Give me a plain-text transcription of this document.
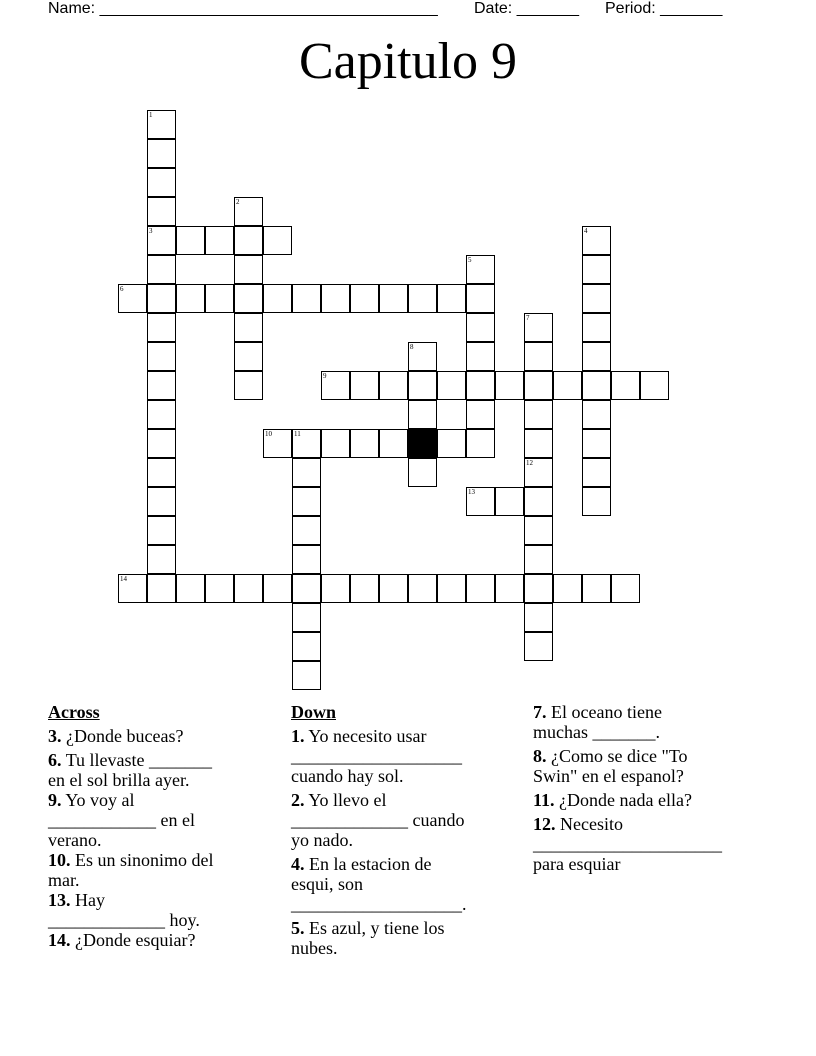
Name: ______________________________________ Date: _______ Period: _______
Capitulo 9
3
6
9
10	11
13
14
1
2
4
5
7
8
12
Across
3. ¿Donde buceas?
6. Tu llevaste _______
en el sol brilla ayer.
9. Yo voy al
____________ en el
verano.
10. Es un sinonimo del
mar.
13. Hay
_____________ hoy.
14. ¿Donde esquiar?
Down
1. Yo necesito usar
___________________
cuando hay sol.
2. Yo llevo el
_____________ cuando
yo nado.
4. En la estacion de
esqui, son
___________________.
5. Es azul, y tiene los
nubes.
7. El oceano tiene
muchas _______.
8. ¿Como se dice "To
Swin" en el espanol?
11. ¿Donde nada ella?
12. Necesito
_____________________
para esquiar
